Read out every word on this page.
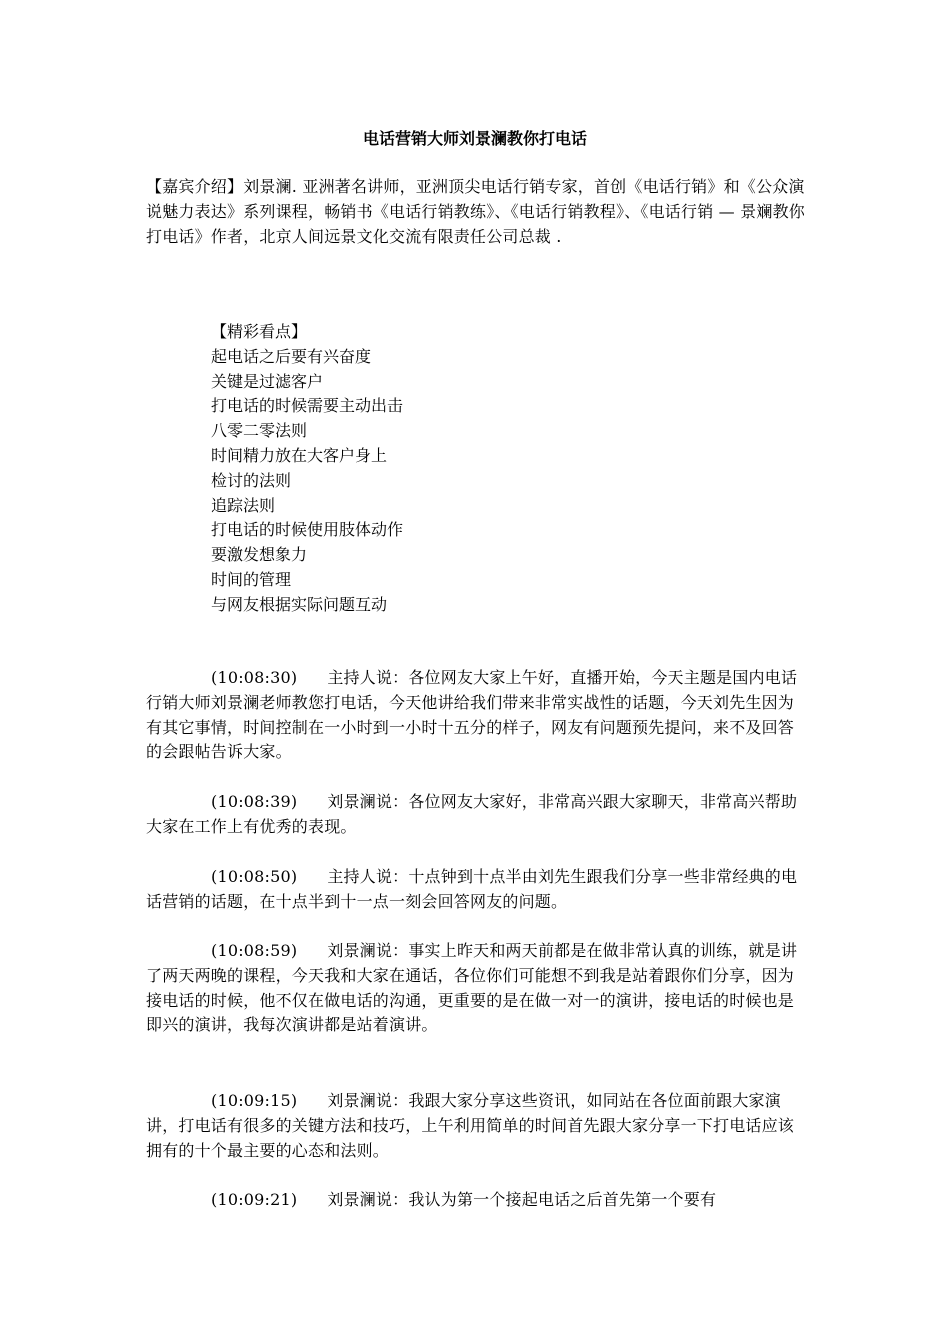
电话营销大师刘景澜教你打电话
【嘉宾介绍】刘景澜. 亚洲著名讲师，亚洲顶尖电话行销专家，首创《电话行销》和《公众演说魅力表达》系列课程，畅销书《电话行销教练》、《电话行销教程》、《电话行销 — 景斓教你打电话》作者，北京人间远景文化交流有限责任公司总裁 .
【精彩看点】
起电话之后要有兴奋度
关键是过滤客户
打电话的时候需要主动出击
八零二零法则
时间精力放在大客户身上
检讨的法则
追踪法则
打电话的时候使用肢体动作
要激发想象力
时间的管理
与网友根据实际问题互动
(10:08:30) 主持人说：各位网友大家上午好，直播开始，今天主题是国内电话行销大师刘景澜老师教您打电话，今天他讲给我们带来非常实战性的话题，今天刘先生因为有其它事情，时间控制在一小时到一小时十五分的样子，网友有问题预先提问，来不及回答的会跟帖告诉大家。
(10:08:39) 刘景澜说：各位网友大家好，非常高兴跟大家聊天，非常高兴帮助大家在工作上有优秀的表现。
(10:08:50) 主持人说：十点钟到十点半由刘先生跟我们分享一些非常经典的电话营销的话题，在十点半到十一点一刻会回答网友的问题。
(10:08:59) 刘景澜说：事实上昨天和两天前都是在做非常认真的训练，就是讲了两天两晚的课程，今天我和大家在通话，各位你们可能想不到我是站着跟你们分享，因为接电话的时候，他不仅在做电话的沟通，更重要的是在做一对一的演讲，接电话的时候也是即兴的演讲，我每次演讲都是站着演讲。
(10:09:15) 刘景澜说：我跟大家分享这些资讯，如同站在各位面前跟大家演讲，打电话有很多的关键方法和技巧，上午利用简单的时间首先跟大家分享一下打电话应该拥有的十个最主要的心态和法则。
(10:09:21) 刘景澜说：我认为第一个接起电话之后首先第一个要有
